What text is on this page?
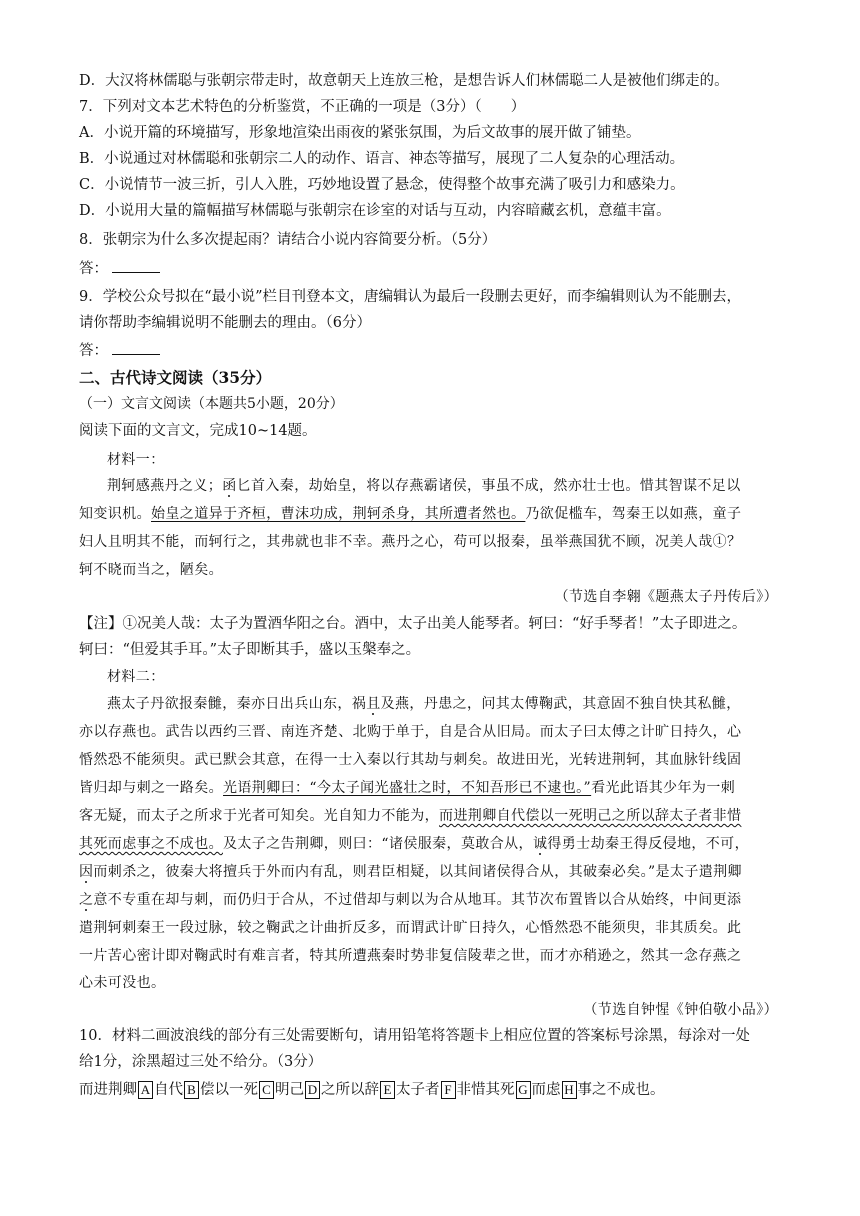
D．大汉将林儒聪与张朝宗带走时，故意朝天上连放三枪，是想告诉人们林儒聪二人是被他们绑走的。
7．下列对文本艺术特色的分析鉴赏，不正确的一项是（3分）（　　）
A．小说开篇的环境描写，形象地渲染出雨夜的紧张氛围，为后文故事的展开做了铺垫。
B．小说通过对林儒聪和张朝宗二人的动作、语言、神态等描写，展现了二人复杂的心理活动。
C．小说情节一波三折，引人入胜，巧妙地设置了悬念，使得整个故事充满了吸引力和感染力。
D．小说用大量的篇幅描写林儒聪与张朝宗在诊室的对话与互动，内容暗藏玄机，意蕴丰富。
8．张朝宗为什么多次提起雨？请结合小说内容简要分析。（5分）
答：
9．学校公众号拟在“最小说”栏目刊登本文，唐编辑认为最后一段删去更好，而李编辑则认为不能删去，
请你帮助李编辑说明不能删去的理由。（6分）
答：
二、古代诗文阅读（35分）
（一）文言文阅读（本题共5小题，20分）
阅读下面的文言文，完成10~14题。
材料一：
荆轲感燕丹之义；函匕首入秦，劫始皇，将以存燕霸诸侯，事虽不成，然亦壮士也。惜其智谋不足以
知变识机。始皇之道异于齐桓，曹沫功成，荆轲杀身，其所遭者然也。乃欲促槛车，驾秦王以如燕，童子
妇人且明其不能，而轲行之，其弗就也非不幸。燕丹之心，苟可以报秦，虽举燕国犹不顾，况美人哉①？
轲不晓而当之，陋矣。
（节选自李翱《题燕太子丹传后》）
【注】①况美人哉：太子为置酒华阳之台。酒中，太子出美人能琴者。轲曰：“好手琴者！”太子即进之。
轲曰：“但爱其手耳。”太子即断其手，盛以玉槃奉之。
材料二：
燕太子丹欲报秦雠，秦亦日出兵山东，祸且及燕，丹患之，问其太傅鞠武，其意固不独自快其私雠，
亦以存燕也。武告以西约三晋、南连齐楚、北购于单于，自是合从旧局。而太子曰太傅之计旷日持久，心
惛然恐不能须臾。武已默会其意，在得一士入秦以行其劫与刺矣。故进田光，光转进荆轲，其血脉针线固
皆归却与刺之一路矣。光语荆卿曰：“今太子闻光盛壮之时，不知吾形已不逮也。”看光此语其少年为一刺
客无疑，而太子之所求于光者可知矣。光自知力不能为，而进荆卿自代偿以一死明己之所以辞太子者非惜
其死而虑事之不成也。及太子之告荆卿，则曰：“诸侯服秦，莫敢合从，诚得勇士劫秦王得反侵地，不可，
因而刺杀之，彼秦大将擅兵于外而内有乱，则君臣相疑，以其间诸侯得合从，其破秦必矣。”是太子遣荆卿
之意不专重在却与刺，而仍归于合从，不过借却与刺以为合从地耳。其节次布置皆以合从始终，中间更添
遣荆轲刺秦王一段过脉，较之鞠武之计曲折反多，而谓武计旷日持久，心惛然恐不能须臾，非其质矣。此
一片苦心密计即对鞠武时有难言者，特其所遭燕秦时势非复信陵辈之世，而才亦稍逊之，然其一念存燕之
心未可没也。
（节选自钟惺《钟伯敬小品》）
10．材料二画波浪线的部分有三处需要断句，请用铅笔将答题卡上相应位置的答案标号涂黑，每涂对一处
给1分，涂黑超过三处不给分。（3分）
而进荆卿 A 自代 B 偿以一死 C 明己 D 之所以辞 E 太子者 F 非惜其死 G 而虑 H 事之不成也。
